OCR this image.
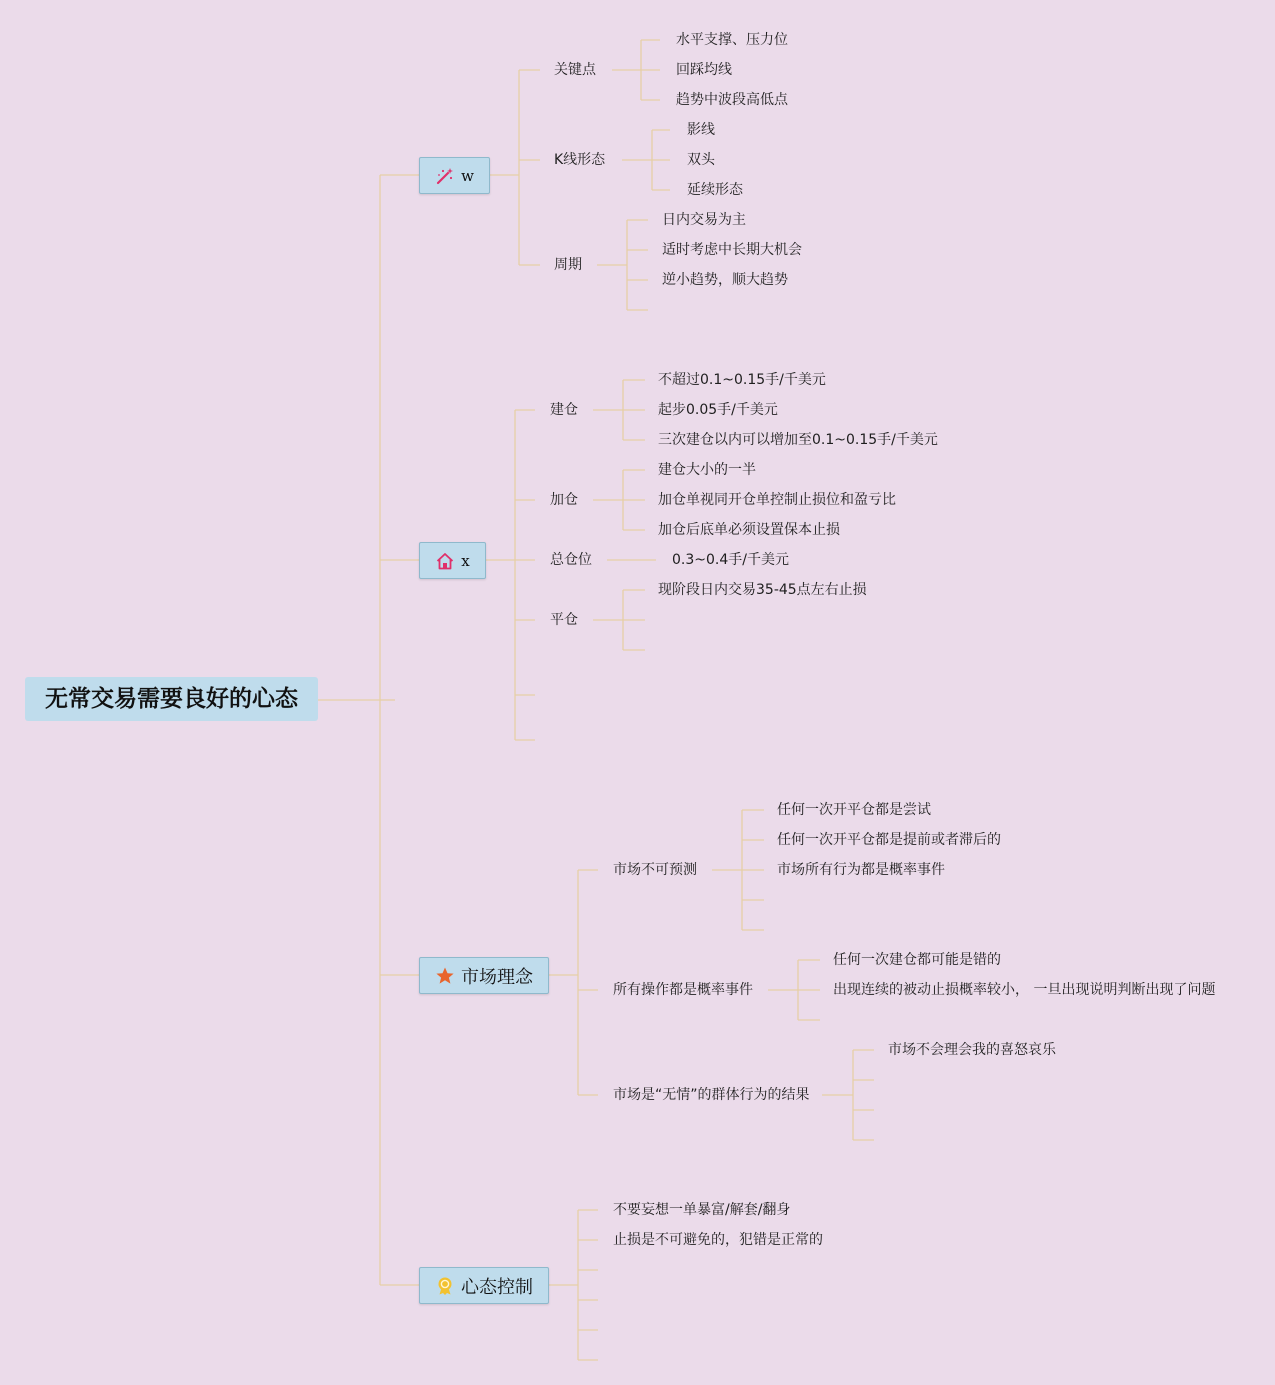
无常交易需要良好的心态
w
x
市场理念
心态控制
关键点
水平支撑、压力位
回踩均线
趋势中波段高低点
K线形态
影线
双头
延续形态
周期
日内交易为主
适时考虑中长期大机会
逆小趋势，顺大趋势
建仓
不超过0.1~0.15手/千美元
起步0.05手/千美元
三次建仓以内可以增加至0.1~0.15手/千美元
加仓
建仓大小的一半
加仓单视同开仓单控制止损位和盈亏比
加仓后底单必须设置保本止损
总仓位	0.3~0.4手/千美元
平仓
现阶段日内交易35-45点左右止损
市场不可预测
任何一次开平仓都是尝试
任何一次开平仓都是提前或者滞后的
市场所有行为都是概率事件
所有操作都是概率事件
任何一次建仓都可能是错的
出现连续的被动止损概率较小， 一旦出现说明判断出现了问题
市场是“无情”的群体行为的结果
市场不会理会我的喜怒哀乐
不要妄想一单暴富/解套/翻身
止损是不可避免的，犯错是正常的
